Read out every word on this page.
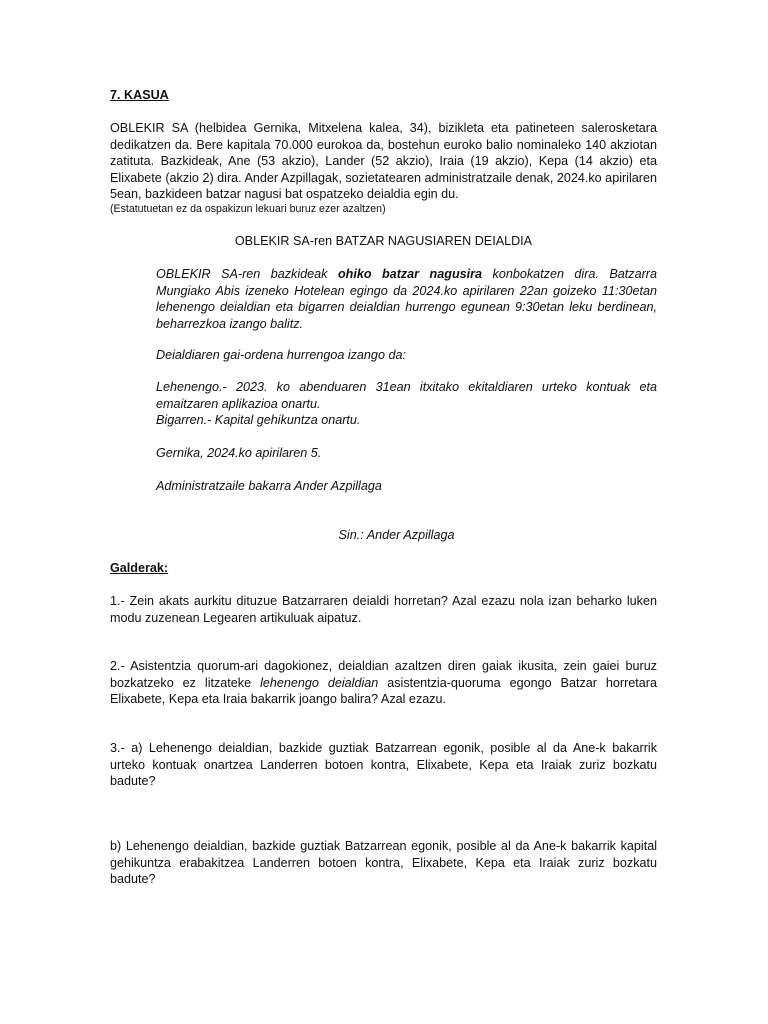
7. KASUA
OBLEKIR SA (helbidea Gernika, Mitxelena kalea, 34), bizikleta eta patineteen salerosketara dedikatzen da. Bere kapitala 70.000 eurokoa da, bostehun euroko balio nominaleko 140 akziotan zatituta. Bazkideak, Ane (53 akzio), Lander (52 akzio), Iraia (19 akzio), Kepa (14 akzio) eta Elixabete (akzio 2) dira. Ander Azpillagak, sozietatearen administratzaile denak, 2024.ko apirilaren 5ean, bazkideen batzar nagusi bat ospatzeko deialdia egin du.
(Estatutuetan ez da ospakizun lekuari buruz ezer azaltzen)
OBLEKIR SA-ren BATZAR NAGUSIAREN DEIALDIA
OBLEKIR SA-ren bazkideak ohiko batzar nagusira konbokatzen dira. Batzarra Mungiako Abis izeneko Hotelean egingo da 2024.ko apirilaren 22an goizeko 11:30etan lehenengo deialdian eta bigarren deialdian hurrengo egunean 9:30etan leku berdinean, beharrezkoa izango balitz.
Deialdiaren gai-ordena hurrengoa izango da:
Lehenengo.- 2023. ko abenduaren 31ean itxitako ekitaldiaren urteko kontuak eta emaitzaren aplikazioa onartu.
Bigarren.- Kapital gehikuntza onartu.
Gernika, 2024.ko apirilaren 5.
Administratzaile bakarra Ander Azpillaga
Sin.: Ander Azpillaga
Galderak:
1.- Zein akats aurkitu dituzue Batzarraren deialdi horretan? Azal ezazu nola izan beharko luken modu zuzenean Legearen artikuluak aipatuz.
2.- Asistentzia quorum-ari dagokionez, deialdian azaltzen diren gaiak ikusita, zein gaiei buruz bozkatzeko ez litzateke lehenengo deialdian asistentzia-quoruma egongo Batzar horretara Elixabete, Kepa eta Iraia bakarrik joango balira? Azal ezazu.
3.- a) Lehenengo deialdian, bazkide guztiak Batzarrean egonik, posible al da Ane-k bakarrik urteko kontuak onartzea Landerren botoen kontra, Elixabete, Kepa eta Iraiak zuriz bozkatu badute?
b) Lehenengo deialdian, bazkide guztiak Batzarrean egonik, posible al da Ane-k bakarrik kapital gehikuntza erabakitzea Landerren botoen kontra, Elixabete, Kepa eta Iraiak zuriz bozkatu badute?
